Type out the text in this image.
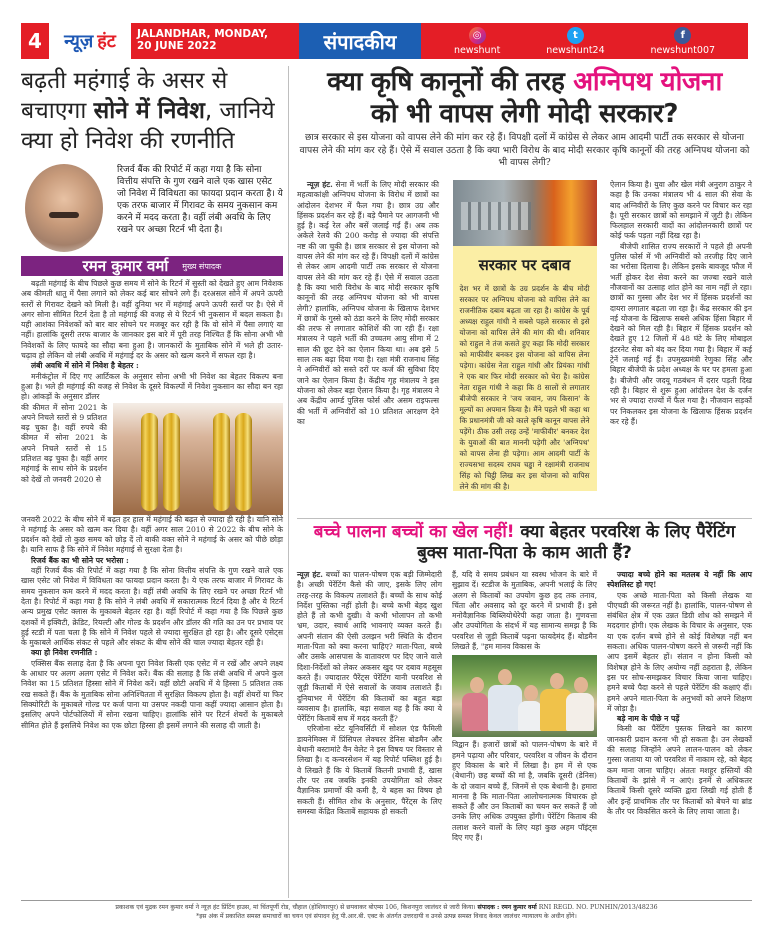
4	न्यूज़ हंट JALANDHAR, MONDAY,
20 JUNE 2022	संपादकीय	◎
newshunt
t
newshunt24
f
newshunt007
बढ़ती महंगाई के असर से बचाएगा सोने में निवेश, जानिये क्या हो निवेश की रणनीति
रिजर्व बैंक की रिपोर्ट में कहा गया है कि सोना वित्तीय संपत्ति के गुण रखने वाले एक खास एसेट जो निवेश में विविधता का फायदा प्रदान करता है। ये एक तरफ बाजार में गिरावट के समय नुकसान कम करने में मदद करता है। वहीं लंबी अवधि के लिए रखने पर अच्छा रिटर्न भी देता है।
रमन कुमार वर्मा मुख्य संपादक

बढ़ती महंगाई के बीच पिछले कुछ समय में सोने के रिटर्न में सुस्ती को देखते हुए आम निवेशक अब कीमती धातु में पैसा लगाने को लेकर कई बार सोचने लगे हैं। दरअसल सोने में अपने ऊपरी स्तरों से गिरावट देखने को मिली है। वहीं दुनिया भर में महंगाई अपने ऊपरी स्तरों पर है। ऐसे में अगर सोना सीमित रिटर्न देता है तो महंगाई की वजह से ये रिटर्न भी नुकसान में बदल सकता है। यही आशंका निवेशकों को बार बार सोचने पर मजबूर कर रही है कि वो सोने में पैसा लगाएं या नहीं। हालांकि दूसरी तरफ बाजार के जानकार इस बारे में पूरी तरह निश्चित हैं कि सोना अभी भी निवेशकों के लिए फायदे का सौदा बना हुआ है। जानकारों के मुताबिक सोने में भले ही उतार-चढ़ाव हो लेकिन वो लंबी अवधि में महंगाई दर के असर को खत्म करने में सफल रहा है।

लंबी अवधि में सोने में निवेश है बेहतर :

मनीकंट्रोल में दिए गए आर्टिकल के अनुसार सोना अभी भी निवेश का बेहतर विकल्प बना हुआ है। भले ही महंगाई की वजह से निवेश के दूसरे विकल्पों में निवेश नुकसान का सौदा बन रहा हो। आंकड़ों के अनुसार डॉलर

की कीमत में सोना 2021 के अपने निचले स्तरों से 9 प्रतिशत बढ़ चुका है। वहीं रुपये की कीमत में सोना 2021 के अपने निचले स्तरों से 15 प्रतिशत बढ़ चुका है। वहीं अगर महंगाई के साथ सोने के प्रदर्शन को देखें तो जनवरी 2020 से

जनवरी 2022 के बीच सोने में बढ़त हर हाल में महंगाई की बढ़त से ज्यादा ही रही है। यानि सोने ने महंगाई के असर को खत्म कर दिया है। वहीं अगर साल 2010 से 2022 के बीच सोने के प्रदर्शन को देखें तो कुछ समय को छोड़ दें तो बाकी वक्त सोने ने महंगाई के असर को पीछे छोड़ा है। यानि साफ है कि सोने में निवेश महंगाई से सुरक्षा देता है।

रिजर्व बैंक का भी सोने पर भरोसा :

वहीं रिजर्व बैंक की रिपोर्ट में कहा गया है कि सोना वित्तीय संपत्ति के गुण रखने वाले एक खास एसेट जो निवेश में विविधता का फायदा प्रदान करता है। ये एक तरफ बाजार में गिरावट के समय नुकसान कम करने में मदद करता है। वहीं लंबी अवधि के लिए रखने पर अच्छा रिटर्न भी देता है। रिपोर्ट में कहा गया है कि सोने ने लंबी अवधि में सकारात्मक रिटर्न दिया है और ये रिटर्न अन्य प्रमुख एसेट क्लास के मुकाबले बेहतर रहा है। वहीं रिपोर्ट में कहा गया है कि पिछले कुछ दशकों में इक्विटी, क्रेडिट, रियल्टी और गोल्ड के प्रदर्शन और डॉलर की गति का उन पर प्रभाव पर हुई स्टडी में पता चला है कि सोने में निवेश पहले से ज्यादा सुरक्षित हो रहा है। और दूसरे एसेट्स के मुकाबले आर्थिक संकट से पहले और संकट के बीच सोने की चाल ज्यादा बेहतर रही है।

क्या हो निवेश रणनीति :

एक्सिस बैंक सलाह देता है कि अपना पूरा निवेश किसी एक एसेट में न रखें और अपने लक्ष्य के आधार पर अलग अलग एसेट में निवेश करें। बैंक की सलाह है कि लंबी अवधि में अपने कुल निवेश का 15 प्रतिशत हिस्सा सोने में निवेश करें। वहीं छोटी अवधि में ये हिस्सा 5 प्रतिशत तक रख सकते हैं। बैंक के मुताबिक सोना अनिश्चितता में सुरक्षित विकल्प होता है। वहीं शेयरों या फिर सिक्योरिटी के मुकाबले गोल्ड पर कर्ज पाना या उसपर नकदी पाना कहीं ज्यादा आसान होता है। इसलिए अपने पोर्टफोलियों में सोना रखना चाहिए। हालांकि सोने पर रिटर्न शेयरों के मुकाबले सीमित होते हैं इसलिये निवेश का एक छोटा हिस्सा ही इसमें लगाने की सलाह दी जाती है।

क्या कृषि कानूनों की तरह अग्निपथ योजना
को भी वापस लेगी मोदी सरकार?
छात्र सरकार से इस योजना को वापस लेने की मांग कर रहे हैं। विपक्षी दलों में कांग्रेस से लेकर आम आदमी पार्टी तक सरकार से योजना वापस लेने की मांग कर रहे हैं। ऐसे में सवाल उठता है कि क्या भारी विरोध के बाद मोदी सरकार कृषि कानूनों की तरह अग्निपथ योजना को भी वापस लेगी?

न्यूज़ हंट. सेना में भर्ती के लिए मोदी सरकार की महत्वाकांक्षी अग्निपथ योजना के विरोध में छात्रों का आंदोलन देशभर में फैल गया है। छात्र उग्र और हिंसक प्रदर्शन कर रहे हैं। बड़े पैमाने पर आगजनी भी हुई है। कई रेल और बसें जलाई गईं हैं। अब तक अकेले रेलवे की 200 करोड़ से ज्यादा की संपत्ति नष्ट की जा चुकी है। छात्र सरकार से इस योजना को वापस लेने की मांग कर रहे हैं। विपक्षी दलों में कांग्रेस से लेकर आम आदमी पार्टी तक सरकार से योजना वापस लेने की मांग कर रहे हैं। ऐसे में सवाल उठता है कि क्या भारी विरोध के बाद मोदी सरकार कृषि कानूनों की तरह अग्निपथ योजना को भी वापस लेगी? हालांकि, अग्निपथ योजना के खिलाफ देशभर में छात्रों के गुस्से को ठंडा करने के लिए मोदी सरकार की तरफ से लगातार कोशिशें की जा रही हैं। रक्षा मंत्रालय ने पहले भर्ती की उच्चतम आयु सीमा में 2 साल की छूट देने का ऐलान किया था। अब इसे 5 साल तक बढ़ा दिया गया है। रक्षा मंत्री राजनाथ सिंह ने अग्निवीरों को सस्ते दरों पर कर्ज की सुविधा दिए जाने का ऐलान किया है। केंद्रीय गृह मंत्रालय ने इस योजना को लेकर बड़ा ऐलान किया है। गृह मंत्रालय ने अब केंद्रीय आर्म्ड पुलिस फोर्स और असम राइफल्स की भर्ती में अग्निवीरों को 10 प्रतिशत आरक्षण देने का

सरकार पर दबाव
देश भर में छात्रों के उग्र प्रदर्शन के बीच मोदी सरकार पर अग्निपथ योजना को वापिस लेने का राजनीतिक दबाव बढ़ता जा रहा है। कांग्रेस के पूर्व अध्यक्ष राहुल गांधी ने सबसे पहले सरकार से इसे योजना को वापिस लेने की मांग की थी। शनिवार को राहुल ने तंज कसते हुए कहा कि मोदी सरकार को माफीवीर बनकर इस योजना को वापिस लेना पड़ेगा। कांग्रेस नेता राहुल गांधी और प्रियंका गांधी ने एक बार फिर मोदी सरकार को घेरा है। कांग्रेस नेता राहुल गांधी ने कहा कि 8 सालों से लगातार बीजेपी सरकार ने 'जय जवान, जय किसान' के मूल्यों का अपमान किया है। मैंने पहले भी कहा था कि प्रधानमंत्री जी को काले कृषि कानून वापस लेने पड़ेंगे। ठीक उसी तरह उन्हें 'माफीवीर' बनकर देश के युवाओं की बात माननी पड़ेगी और 'अग्निपथ' को वापस लेना ही पड़ेगा। आम आदमी पार्टी के राज्यसभा सदस्य राघव चड्ढा ने रक्षामंत्री राजनाथ सिंह को चिट्ठी लिख कर इस योजना को वापिस लेने की मांग की है।

ऐलान किया है। युवा और खेल मंत्री अनुराग ठाकुर ने कहा है कि उनका मंत्रालय भी 4 साल की सेवा के बाद अग्निवीरों के लिए कुछ करने पर विचार कर रहा है। पूरी सरकार छात्रों को समझाने में जुटी है। लेकिन फिलहाल सरकारी वादों का आंदोलनकारी छात्रों पर कोई फर्क पड़ता नहीं दिख रहा है।

बीजेपी शासित राज्य सरकारों ने पहले ही अपनी पुलिस फोर्स में भी अग्निवीरों को तरजीह दिए जाने का भरोसा दिलाया है। लेकिन इसके बावजूद फौज में भर्ती होकर देश सेवा करने का जज्बा रखने वाले नौजवानों का उत्साह शांत होने का नाम नहीं ले रहा। छात्रों का गुस्सा और देश भर में हिंसक प्रदर्शनों का दायरा लगातार बढ़ता जा रहा है। केंद्र सरकार की इन नई योजना के खिलाफ सबसे अधिक हिंसा बिहार में देखने को मिल रही है। बिहार में हिंसक प्रदर्शन को देखते हुए 12 जिलों में 48 घंटे के लिए मोबाइल इंटरनेट सेवा को बंद कर दिया गया है। बिहार में कई ट्रेनें जलाई गई हैं। उपमुख्यमंत्री रेणुका सिंह और बिहार बीजेपी के प्रदेश अध्यक्ष के घर पर हमला हुआ है। बीजेपी और जदयू गठबंधन में दरार पड़ती दिख रही है। बिहार से शुरू हुआ आंदोलन देश के दर्जन भर से ज्यादा राज्यों में फैल गया है। नौजवान सड़कों पर निकलकर इस योजना के खिलाफ हिंसक प्रदर्शन कर रहे हैं।

बच्चे पालना बच्चों का खेल नहीं! क्या बेहतर परवरिश के लिए पैरेंटिंग बुक्स माता-पिता के काम आती हैं?

न्यूज़ हंट. बच्चों का पालन-पोषण एक बड़ी जिम्मेदारी है। अच्छी पेरेंटिंग कैसे की जाए, इसके लिए लोग तरह-तरह के विकल्प तलाशते हैं। बच्चों के साथ कोई निर्देश पुस्तिका नहीं होती है। बच्चे कभी बेहद खुश होते हैं तो कभी दुखी। वे कभी भोलापन तो कभी भ्रम, उदार, स्वार्थ आदि भावनाएं व्यक्त करते हैं। अपनी संतान की ऐसी उलझन भरी स्थिति के दौरान माता-पिता को क्या करना चाहिए? माता-पिता, बच्चे और उसके आसपास के वातावरण पर दिए जाने वाले दिशा-निर्देशों को लेकर अकसर खुद पर दबाव महसूस करते हैं। ज्यादातर पैरेंट्स पेरेंटिंग यानी परवरिश से जुड़ी किताबों में ऐसे सवालों के जवाब तलाशते हैं। दुनियाभर में पेरेंटिंग की किताबों का बहुत बड़ा व्यवसाय है। हालांकि, बड़ा सवाल यह है कि क्या ये पेरेंटिंग किताबें सच में मदद करती हैं?

एरिजोना स्टेट यूनिवर्सिटी में सोशल एंड फैमिली डायनेमिक्स में प्रिंसिपल लेक्चरर डेनिस बोडमैन और बेथानी बस्टामांटे वैन वेलेट ने इस विषय पर विस्तार से लिखा है। द कन्वरसेशन में यह रिपोर्ट पब्लिश हुई है। वे लिखते हैं कि ये किताबें कितनी प्रभावी हैं, खास तौर पर तब जबकि इनकी उपयोगिता को लेकर वैज्ञानिक प्रमाणों की कमी है, ये बहस का विषय हो सकती हैं। सीमित शोध के अनुसार, पैरेंट्स के लिए समस्या केंद्रित किताबें सहायक हो सकती

हैं, यदि वे समय प्रबंधन या स्वस्थ भोजन के बारे में सुझाव दें। स्टडीज के मुताबिक, अपनी भलाई के लिए अलग से किताबों का उपयोग कुछ हद तक तनाव, चिंता और अवसाद को दूर करने में प्रभावी हैं। इसे मनोवैज्ञानिक बिब्लियोथेरेपी कहा जाता है। गुणवत्ता और उपयोगिता के संदर्भ में यह सामान्य समझ है कि परवरिश से जुड़ी किताबें पढ़ना फायदेमंद हैं। बोडमैन लिखते हैं, "हम मानव विकास के

विद्वान हैं। हजारों छात्रों को पालन-पोषण के बारे में हमने पढ़ाया और परिवार, परवरिश व जीवन के दौरान हुए विकास के बारे में लिखा है। हम में से एक (बेथानी) छह बच्चों की मां है, जबकि दूसरी (डेनिस) के दो जवान बच्चे हैं, जिनमें से एक बेथानी है। हमारा मानना है कि माता-पिता आलोचनात्मक विचारक हो सकते हैं और उन किताबों का चयन कर सकते हैं जो उनके लिए अधिक उपयुक्त होंगी। पेरेंटिंग किताब की तलाश करने वालों के लिए यहां कुछ अहम पॉइंट्स दिए गए हैं।

ज्यादा बच्चे होने का मतलब ये नहीं कि आप स्पेशलिस्ट हो गए!

एक अच्छे माता-पिता को किसी लेखक या पीएचडी की जरूरत नहीं है। हालांकि, पालन-पोषण से संबंधित क्षेत्र में एक उन्नत डिग्री शोध को समझने में मददगार होगी। एक लेखक के विचार के अनुसार, एक या एक दर्जन बच्चे होने से कोई विशेषज्ञ नहीं बन सकता। अधिक पालन-पोषण करने से जरूरी नहीं कि आप इसमें बेहतर हों। संतान न होना किसी को विशेषज्ञ होने के लिए अयोग्य नहीं ठहराता है, लेकिन इस पर सोच-समझकर विचार किया जाना चाहिए। हमने बच्चे पैदा करने से पहले पेरेंटिंग की कक्षाएं दीं। हमने अपने माता-पिता के अनुभवों को अपने शिक्षण में जोड़ा है।

बड़े नाम के पीछे न पड़ें

किसी का पैरेंटिंग पुस्तक लिखने का कारण जानकारी प्रदान करना भी हो सकता है। उन लेखकों की सलाह जिन्होंने अपने लालन-पालन को लेकर गुस्सा जताया या जो परवरिश में नाकाम रहे, को बेहद कम माना जाना चाहिए। अंततः मशहूर हस्तियों की किताबों के झांसे में न आएं। इनमें से अधिकतर किताबें किसी दूसरे व्यक्ति द्वारा लिखी गई होती हैं और इन्हें प्राथमिक तौर पर किताबों को बेचने या ब्रांड के तौर पर विकसित करने के लिए लाया जाता है।

प्रकाशक एवं मुद्रक रमन कुमार वर्मा ने न्यूज़ हंट प्रिंटिंग हाउस, मां चिंतपूर्णी रोड, चौहाल (होशियारपुर) से छपवाकर बोएम्स 106, किशनपुरा जालंधर से जारी किया। संपादक : रमन कुमार वर्मा RNI REGD. NO. PUNHIN/2013/48236
*इस अंक में प्रकाशित समस्त समाचारों का चयन एवं संपादन हेतु पी.आर.बी. एक्ट के अंतर्गत उत्तरदायी व उनसे उत्पन्न समस्त विवाद केवल जालंधर न्यायालय के अधीन होंगे।
